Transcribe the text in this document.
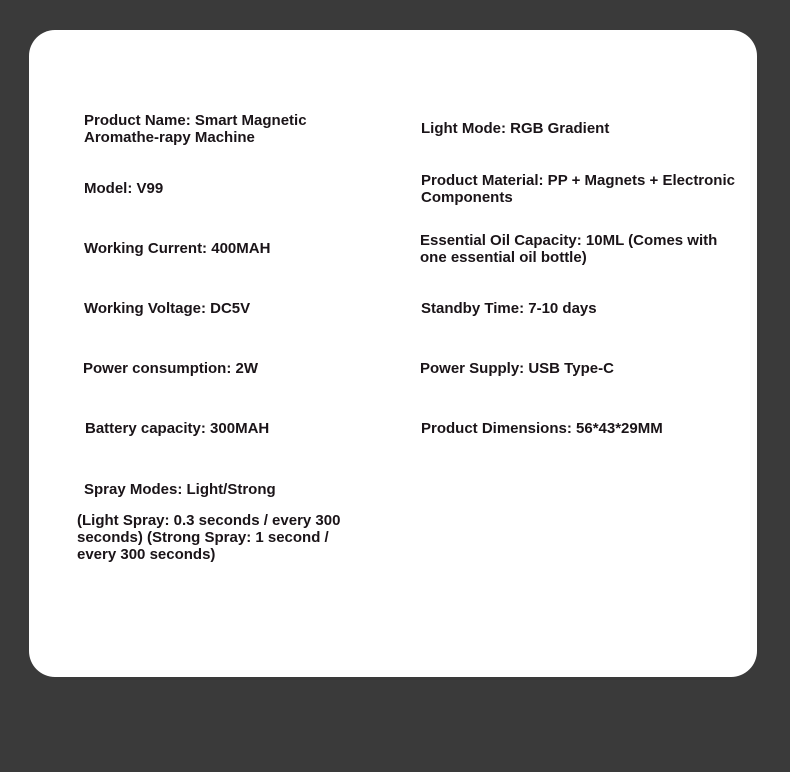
Product Name: Smart Magnetic Aromathe-rapy Machine

Model: V99

Working Current: 400MAH

Working Voltage: DC5V

Power consumption: 2W

Battery capacity: 300MAH

Spray Modes: Light/Strong

(Light Spray: 0.3 seconds / every 300 seconds) (Strong Spray: 1 second / every 300 seconds)

Light Mode: RGB Gradient

Product Material: PP + Magnets + Electronic Components

Essential Oil Capacity: 10ML (Comes with one essential oil bottle)

Standby Time: 7-10 days

Power Supply: USB Type-C

Product Dimensions: 56*43*29MM
